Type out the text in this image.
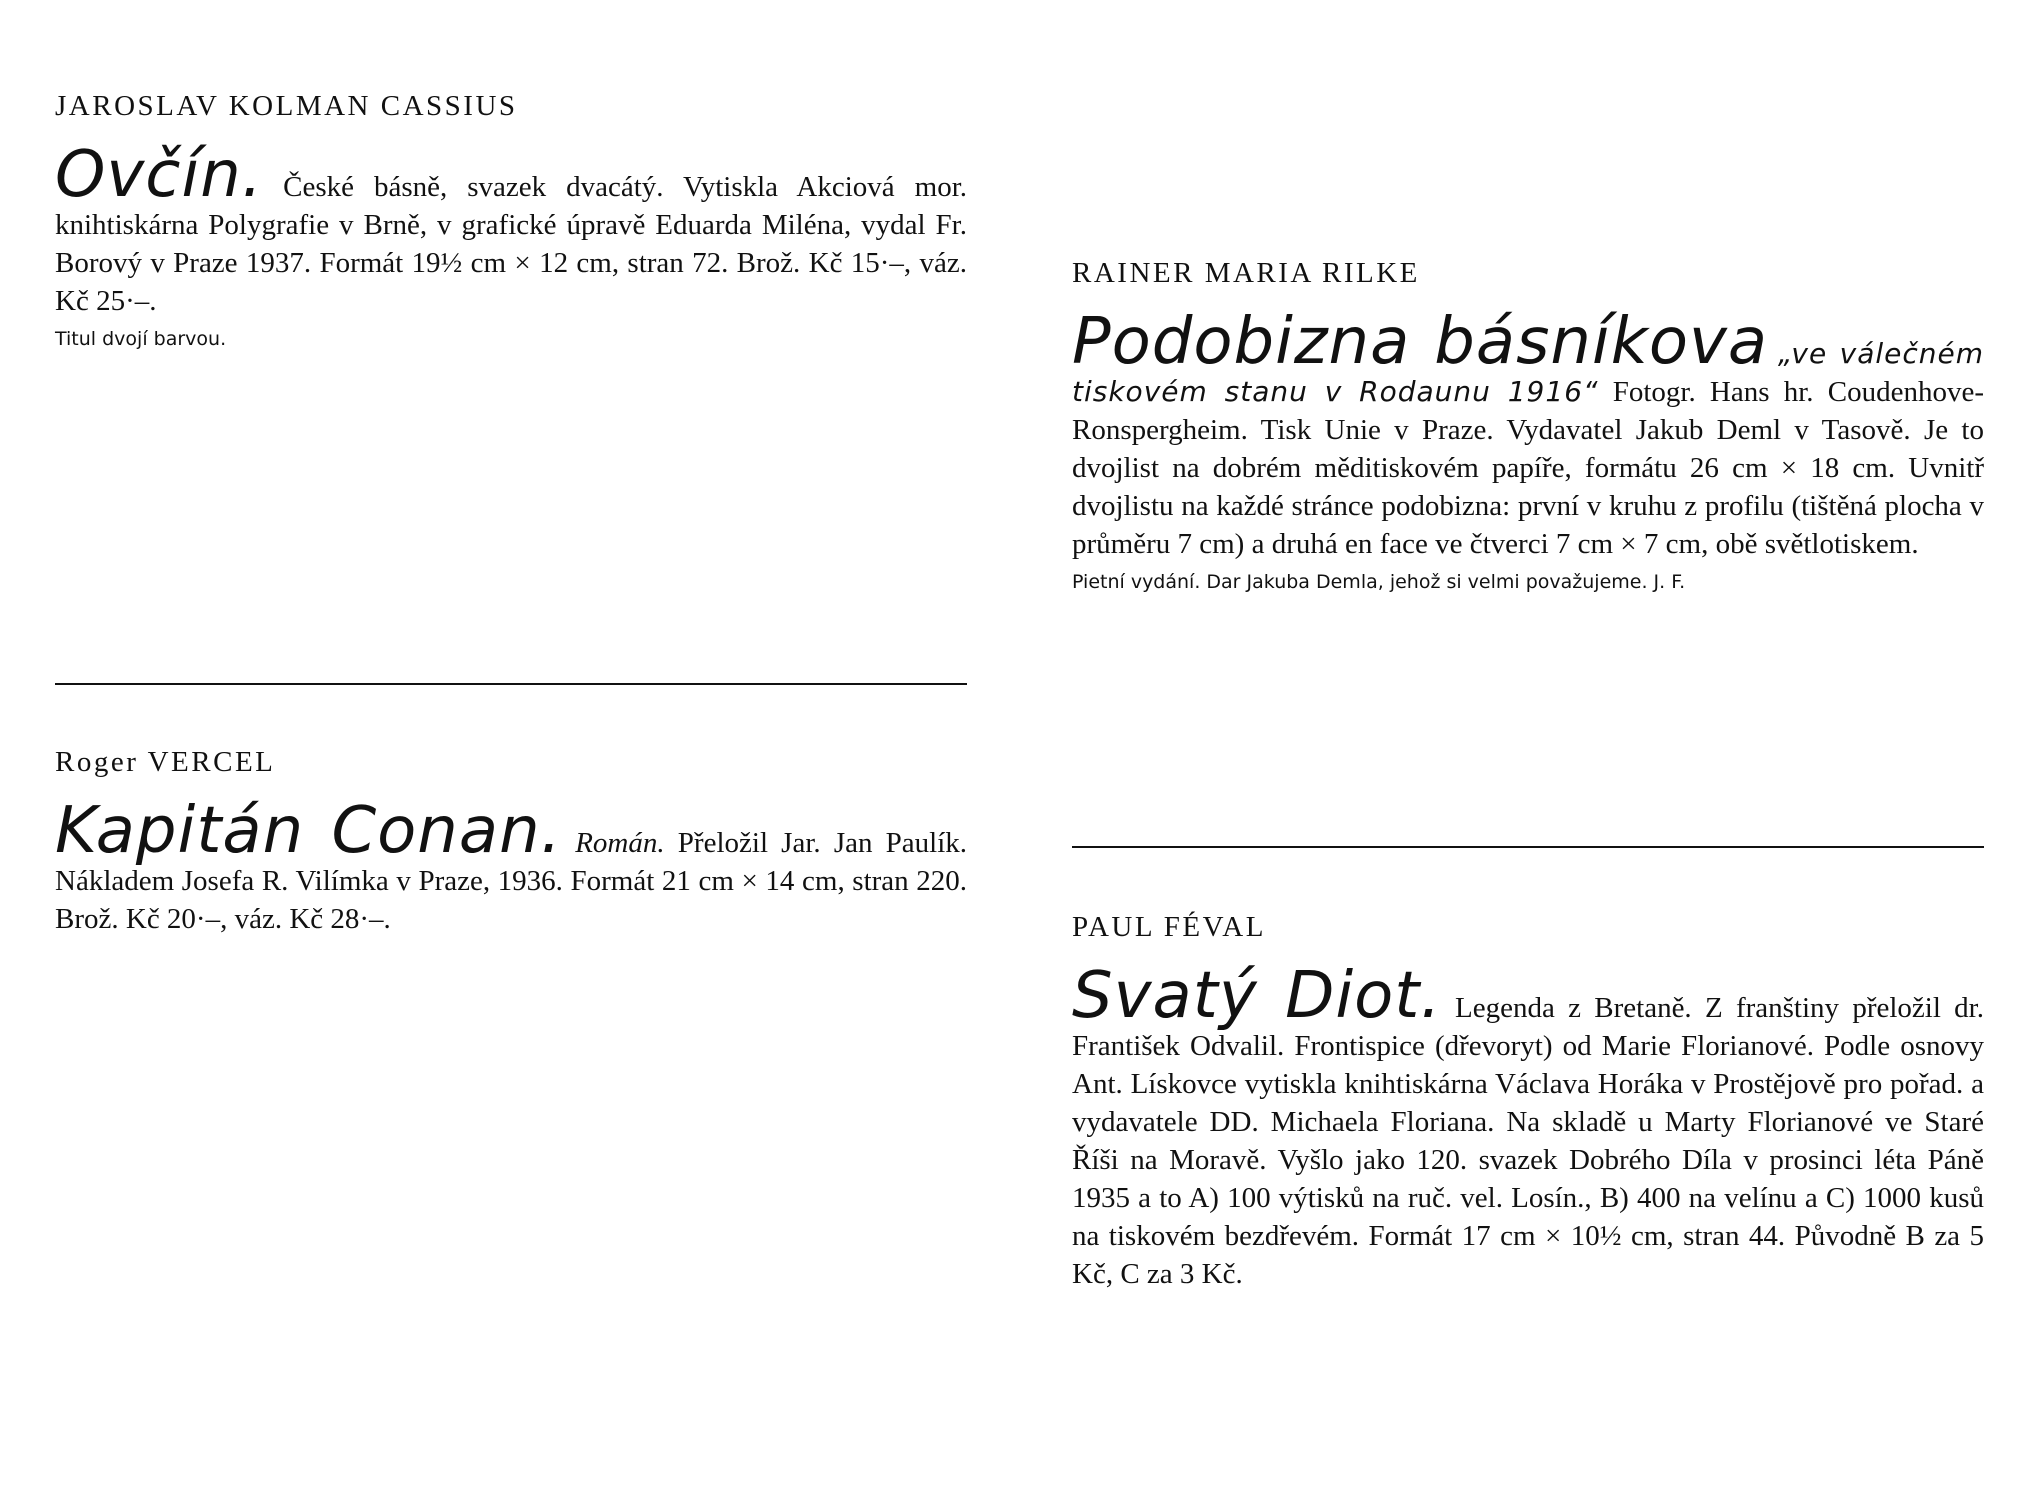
JAROSLAV KOLMAN CASSIUS

Ovčín. České básně, svazek dvacátý. Vytiskla Akciová mor. knihtiskárna Polygrafie v Brně, v grafické úpravě Eduarda Miléna, vydal Fr. Borový v Praze 1937. Formát 19½ cm × 12 cm, stran 72. Brož. Kč 15·–, váz. Kč 25·–.

Titul dvojí barvou.

Roger VERCEL

Kapitán Conan. Román. Přeložil Jar. Jan Paulík. Nákladem Josefa R. Vilímka v Praze, 1936. Formát 21 cm × 14 cm, stran 220. Brož. Kč 20·–, váz. Kč 28·–.

RAINER MARIA RILKE

Podobizna básníkova „ve válečném tiskovém stanu v Rodaunu 1916“ Fotogr. Hans hr. Coudenhove-Ronspergheim. Tisk Unie v Praze. Vydavatel Jakub Deml v Tasově. Je to dvojlist na dobrém měditiskovém papíře, formátu 26 cm × 18 cm. Uvnitř dvojlistu na každé stránce podobizna: první v kruhu z profilu (tištěná plocha v průměru 7 cm) a druhá en face ve čtverci 7 cm × 7 cm, obě světlotiskem.

Pietní vydání. Dar Jakuba Demla, jehož si velmi považujeme. J. F.

PAUL FÉVAL

Svatý Diot. Legenda z Bretaně. Z franštiny přeložil dr. František Odvalil. Frontispice (dřevoryt) od Marie Florianové. Podle osnovy Ant. Lískovce vytiskla knihtiskárna Václava Horáka v Prostějově pro pořad. a vydavatele DD. Michaela Floriana. Na skladě u Marty Florianové ve Staré Říši na Moravě. Vyšlo jako 120. svazek Dobrého Díla v prosinci léta Páně 1935 a to A) 100 výtisků na ruč. vel. Losín., B) 400 na velínu a C) 1000 kusů na tiskovém bezdřevém. Formát 17 cm × 10½ cm, stran 44. Původně B za 5 Kč, C za 3 Kč.
